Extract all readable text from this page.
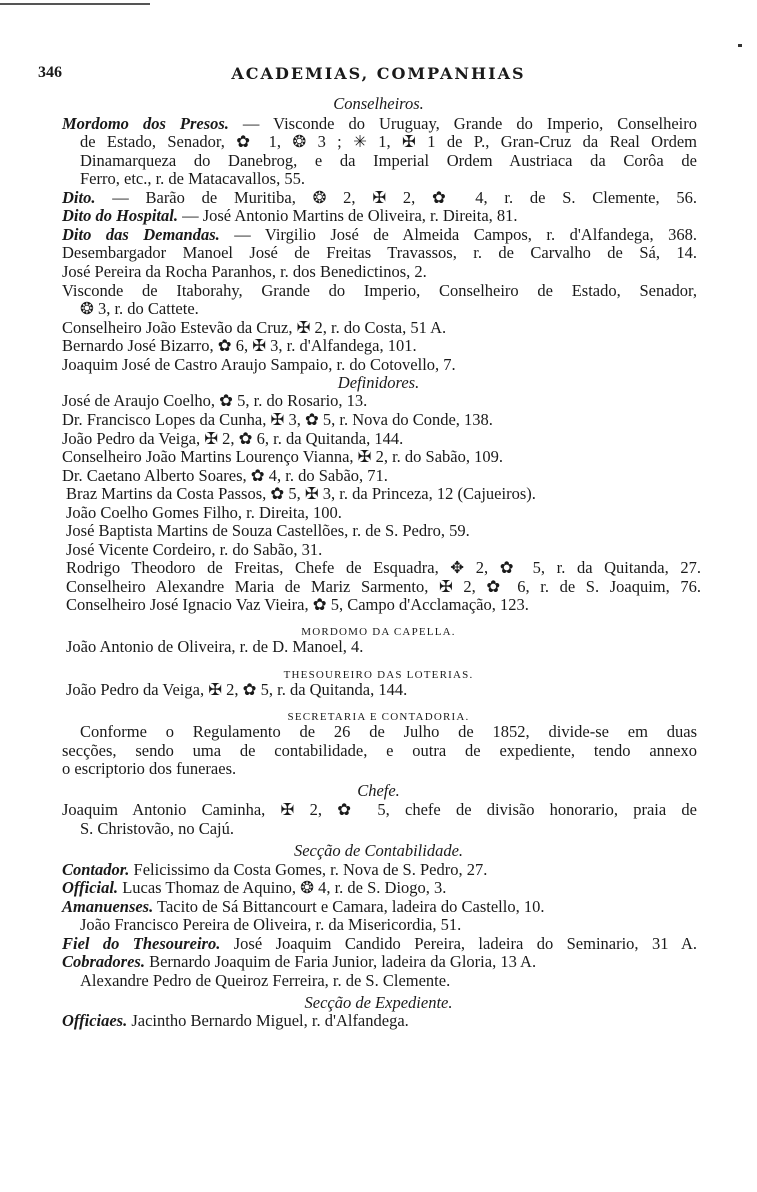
346	ACADEMIAS, COMPANHIAS
Conselheiros.
Mordomo dos Presos. — Visconde do Uruguay, Grande do Imperio, Conselheiro
de Estado, Senador, ✿ 1, ❂ 3 ; ✳ 1, ✠ 1 de P., Gran-Cruz da Real Ordem
Dinamarqueza do Danebrog, e da Imperial Ordem Austriaca da Corôa de
Ferro, etc., r. de Matacavallos, 55.
Dito. — Barão de Muritiba, ❂ 2, ✠ 2, ✿ 4, r. de S. Clemente, 56.
Dito do Hospital. — José Antonio Martins de Oliveira, r. Direita, 81.
Dito das Demandas. — Virgilio José de Almeida Campos, r. d'Alfandega, 368.
Desembargador Manoel José de Freitas Travassos, r. de Carvalho de Sá, 14.
José Pereira da Rocha Paranhos, r. dos Benedictinos, 2.
Visconde de Itaborahy, Grande do Imperio, Conselheiro de Estado, Senador,
❂ 3, r. do Cattete.
Conselheiro João Estevão da Cruz, ✠ 2, r. do Costa, 51 A.
Bernardo José Bizarro, ✿ 6, ✠ 3, r. d'Alfandega, 101.
Joaquim José de Castro Araujo Sampaio, r. do Cotovello, 7.
Definidores.
José de Araujo Coelho, ✿ 5, r. do Rosario, 13.
Dr. Francisco Lopes da Cunha, ✠ 3, ✿ 5, r. Nova do Conde, 138.
João Pedro da Veiga, ✠ 2, ✿ 6, r. da Quitanda, 144.
Conselheiro João Martins Lourenço Vianna, ✠ 2, r. do Sabão, 109.
Dr. Caetano Alberto Soares, ✿ 4, r. do Sabão, 71.
Braz Martins da Costa Passos, ✿ 5, ✠ 3, r. da Princeza, 12 (Cajueiros).
João Coelho Gomes Filho, r. Direita, 100.
José Baptista Martins de Souza Castellões, r. de S. Pedro, 59.
José Vicente Cordeiro, r. do Sabão, 31.
Rodrigo Theodoro de Freitas, Chefe de Esquadra, ✥ 2, ✿ 5, r. da Quitanda, 27.
Conselheiro Alexandre Maria de Mariz Sarmento, ✠ 2, ✿ 6, r. de S. Joaquim, 76.
Conselheiro José Ignacio Vaz Vieira, ✿ 5, Campo d'Acclamação, 123.
MORDOMO DA CAPELLA.
João Antonio de Oliveira, r. de D. Manoel, 4.
THESOUREIRO DAS LOTERIAS.
João Pedro da Veiga, ✠ 2, ✿ 5, r. da Quitanda, 144.
SECRETARIA E CONTADORIA.
Conforme o Regulamento de 26 de Julho de 1852, divide-se em duas
secções, sendo uma de contabilidade, e outra de expediente, tendo annexo
o escriptorio dos funeraes.
Chefe.
Joaquim Antonio Caminha, ✠ 2, ✿ 5, chefe de divisão honorario, praia de
S. Christovão, no Cajú.
Secção de Contabilidade.
Contador. Felicissimo da Costa Gomes, r. Nova de S. Pedro, 27.
Official. Lucas Thomaz de Aquino, ❂ 4, r. de S. Diogo, 3.
Amanuenses. Tacito de Sá Bittancourt e Camara, ladeira do Castello, 10.
João Francisco Pereira de Oliveira, r. da Misericordia, 51.
Fiel do Thesoureiro. José Joaquim Candido Pereira, ladeira do Seminario, 31 A.
Cobradores. Bernardo Joaquim de Faria Junior, ladeira da Gloria, 13 A.
Alexandre Pedro de Queiroz Ferreira, r. de S. Clemente.
Secção de Expediente.
Officiaes. Jacintho Bernardo Miguel, r. d'Alfandega.
